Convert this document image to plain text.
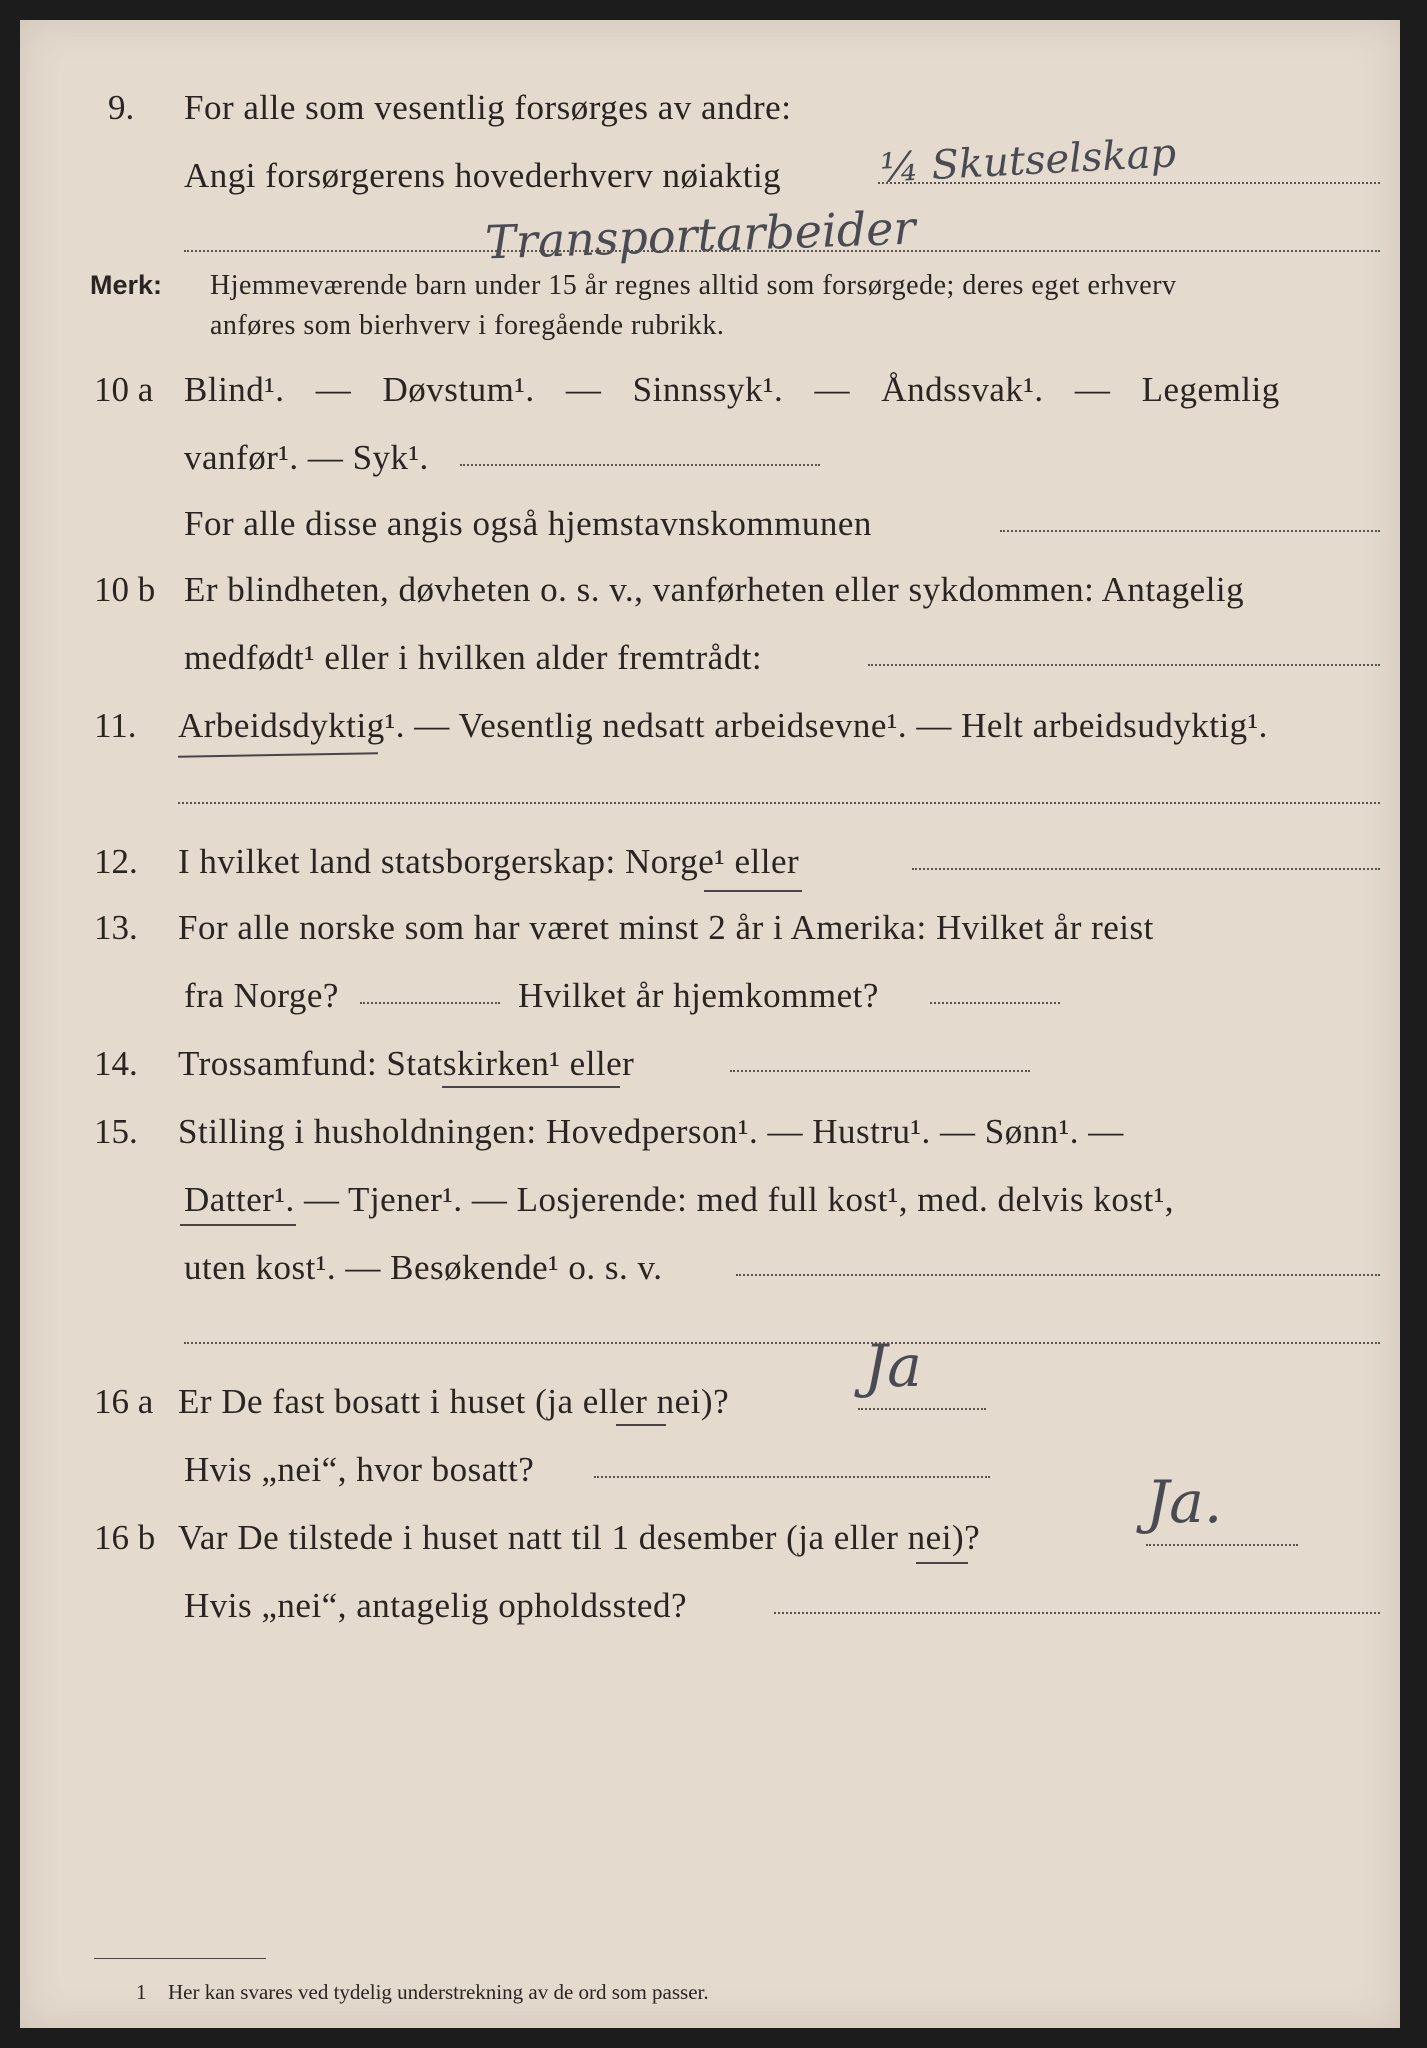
9. For alle som vesentlig forsørges av andre:
Angi forsørgerens hovederhverv nøiaktig ¼ Skutselskap
Transportarbeider
Merk: Hjemmeværende barn under 15 år regnes alltid som forsørgede; deres eget erhverv
anføres som bierhverv i foregående rubrikk.
10 a Blind¹. — Døvstum¹. — Sinnssyk¹. — Åndssvak¹. — Legemlig
vanfør¹. — Syk¹.
For alle disse angis også hjemstavnskommunen
10 b Er blindheten, døvheten o. s. v., vanførheten eller sykdommen: Antagelig
medfødt¹ eller i hvilken alder fremtrådt:
11. Arbeidsdyktig¹. — Vesentlig nedsatt arbeidsevne¹. — Helt arbeidsudyktig¹.
12. I hvilket land statsborgerskap: Norge¹ eller
13. For alle norske som har været minst 2 år i Amerika: Hvilket år reist
fra Norge?	Hvilket år hjemkommet?
14. Trossamfund: Statskirken¹ eller
15. Stilling i husholdningen: Hovedperson¹. — Hustru¹. — Sønn¹. —
Datter¹. — Tjener¹. — Losjerende: med full kost¹, med. delvis kost¹,
uten kost¹. — Besøkende¹ o. s. v.
16 a Er De fast bosatt i huset (ja eller nei)?
Ja
Hvis „nei“, hvor bosatt?
16 b Var De tilstede i huset natt til 1 desember (ja eller nei)?
Ja.
Hvis „nei“, antagelig opholdssted?
1 Her kan svares ved tydelig understrekning av de ord som passer.
